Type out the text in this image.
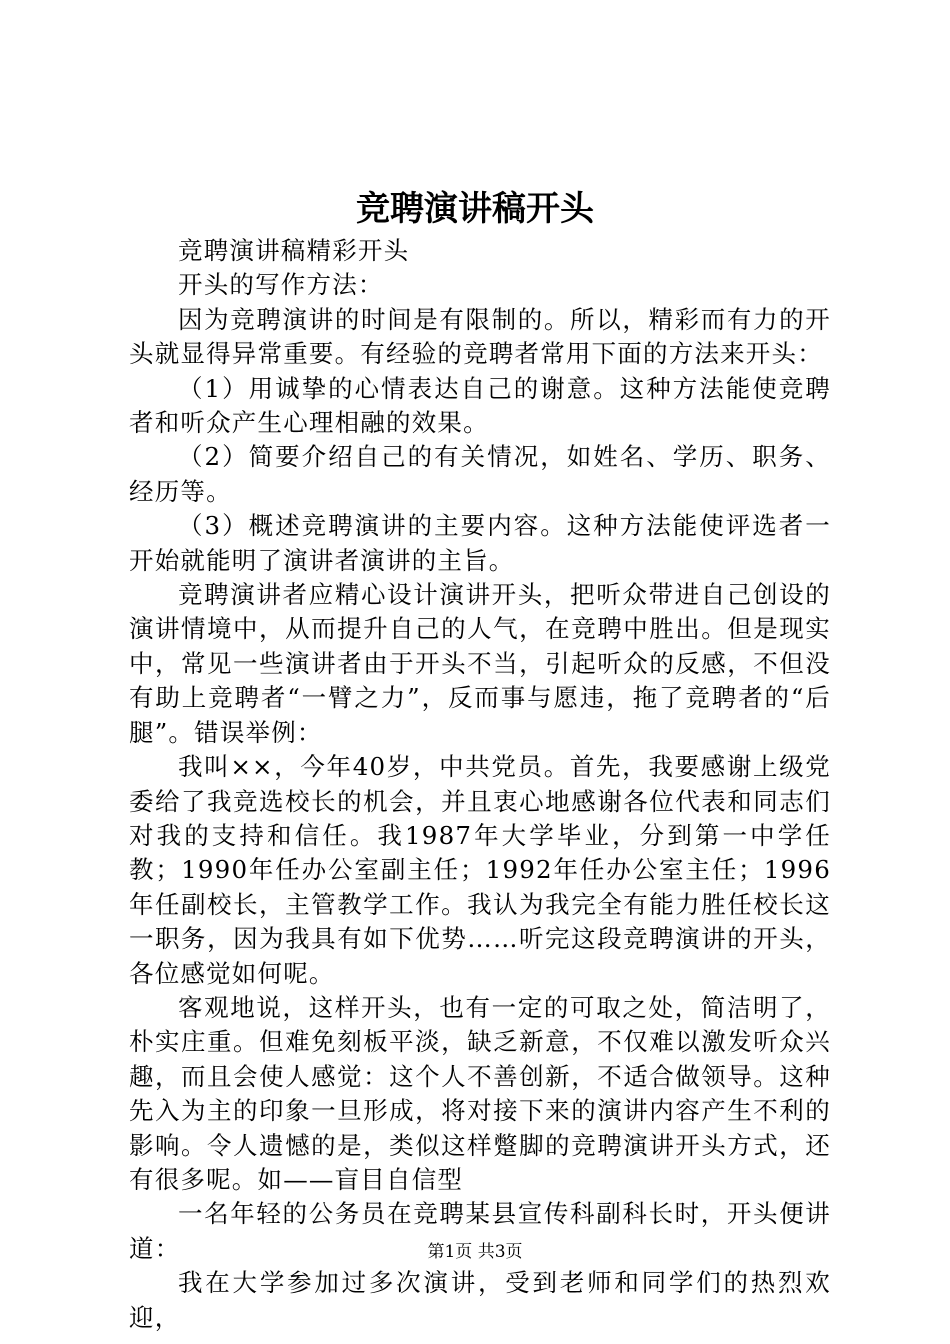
竞聘演讲稿开头

竞聘演讲稿精彩开头

开头的写作方法：

因为竞聘演讲的时间是有限制的。所以，精彩而有力的开头就显得异常重要。有经验的竞聘者常用下面的方法来开头：

（1）用诚挚的心情表达自己的谢意。这种方法能使竞聘者和听众产生心理相融的效果。

（2）简要介绍自己的有关情况，如姓名、学历、职务、经历等。

（3）概述竞聘演讲的主要内容。这种方法能使评选者一开始就能明了演讲者演讲的主旨。

竞聘演讲者应精心设计演讲开头，把听众带进自己创设的演讲情境中，从而提升自己的人气，在竞聘中胜出。但是现实中，常见一些演讲者由于开头不当，引起听众的反感，不但没有助上竞聘者“一臂之力”，反而事与愿违，拖了竞聘者的“后腿”。错误举例：

我叫××，今年40岁，中共党员。首先，我要感谢上级党委给了我竞选校长的机会，并且衷心地感谢各位代表和同志们对我的支持和信任。我1987年大学毕业，分到第一中学任教；1990年任办公室副主任；1992年任办公室主任；1996年任副校长，主管教学工作。我认为我完全有能力胜任校长这一职务，因为我具有如下优势……听完这段竞聘演讲的开头，各位感觉如何呢。

客观地说，这样开头，也有一定的可取之处，简洁明了，朴实庄重。但难免刻板平淡，缺乏新意，不仅难以激发听众兴趣，而且会使人感觉：这个人不善创新，不适合做领导。这种先入为主的印象一旦形成，将对接下来的演讲内容产生不利的影响。令人遗憾的是，类似这样蹩脚的竞聘演讲开头方式，还有很多呢。如——盲目自信型

一名年轻的公务员在竞聘某县宣传科副科长时，开头便讲道：

我在大学参加过多次演讲，受到老师和同学们的热烈欢迎，

第1页 共3页
